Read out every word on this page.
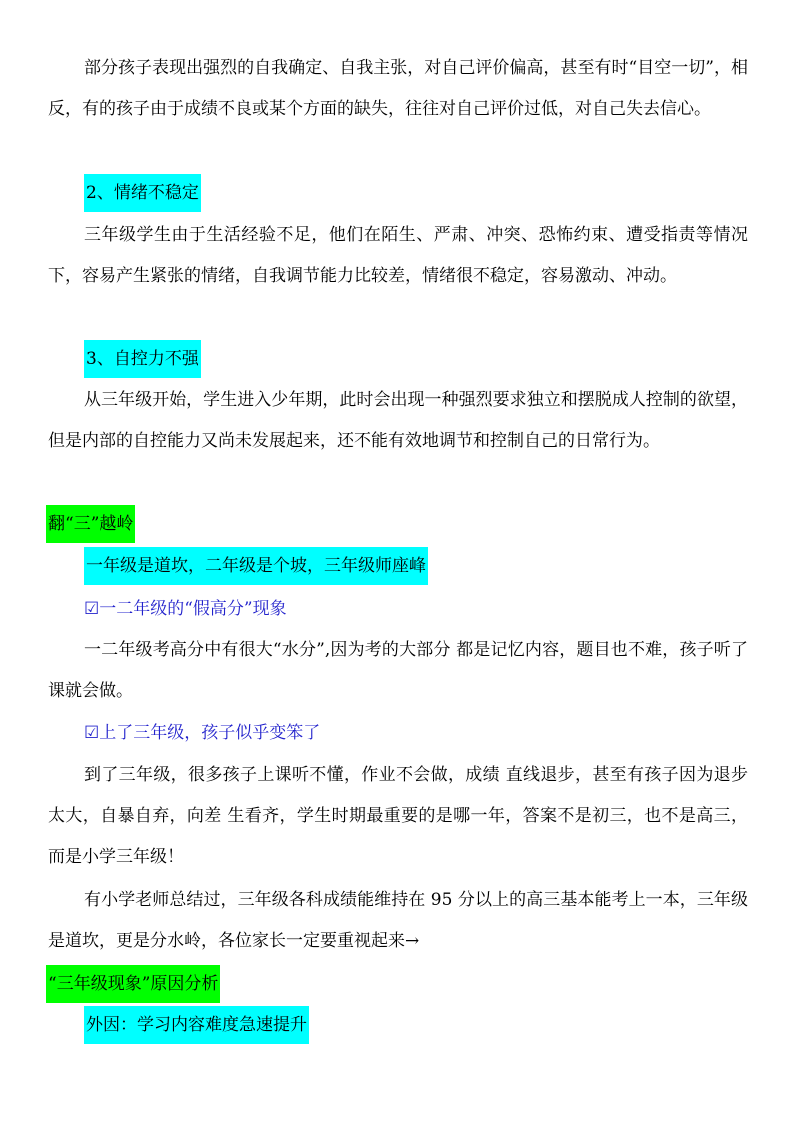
部分孩子表现出强烈的自我确定、自我主张，对自己评价偏高，甚至有时“目空一切”，相反，有的孩子由于成绩不良或某个方面的缺失，往往对自己评价过低，对自己失去信心。

2、情绪不稳定

三年级学生由于生活经验不足，他们在陌生、严肃、冲突、恐怖约束、遭受指责等情况下，容易产生紧张的情绪，自我调节能力比较差，情绪很不稳定，容易激动、冲动。

3、自控力不强

从三年级开始，学生进入少年期，此时会出现一种强烈要求独立和摆脱成人控制的欲望，但是内部的自控能力又尚未发展起来，还不能有效地调节和控制自己的日常行为。

翻“三”越岭
一年级是道坎，二年级是个坡，三年级师座峰
☑一二年级的“假高分”现象

一二年级考高分中有很大“水分”,因为考的大部分 都是记忆内容，题目也不难，孩子听了课就会做。

☑上了三年级，孩子似乎变笨了

到了三年级，很多孩子上课听不懂，作业不会做，成绩 直线退步，甚至有孩子因为退步太大，自暴自弃，向差 生看齐，学生时期最重要的是哪一年，答案不是初三，也不是高三，而是小学三年级！

有小学老师总结过，三年级各科成绩能维持在 95 分以上的高三基本能考上一本，三年级是道坎，更是分水岭，各位家长一定要重视起来→

“三年级现象”原因分析
外因：学习内容难度急速提升
